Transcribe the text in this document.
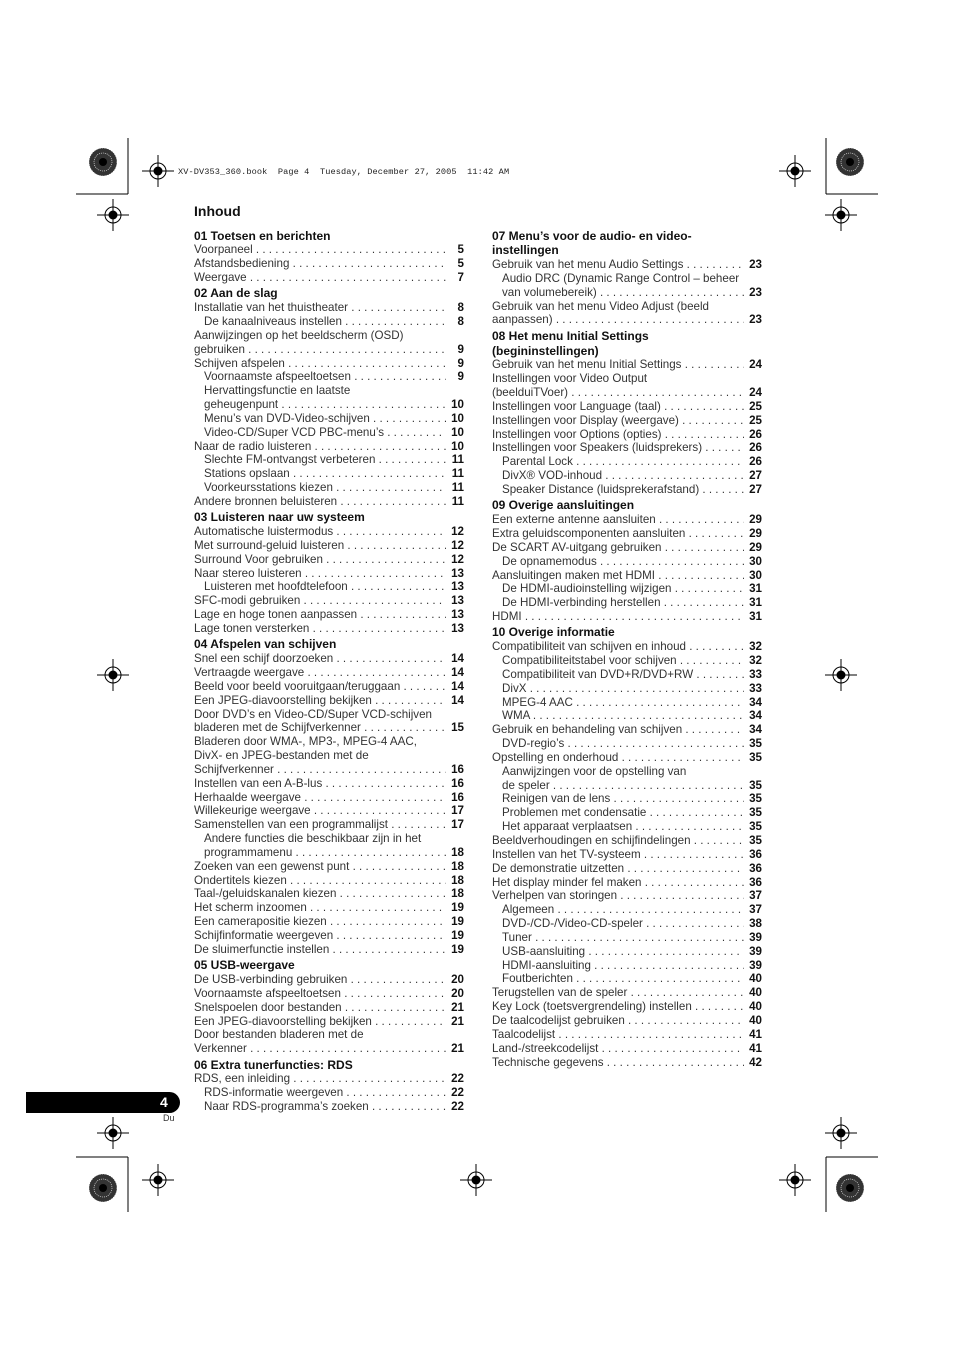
XV-DV353_360.book  Page 4  Tuesday, December 27, 2005  11:42 AM
Inhoud
01 Toetsen en berichten
Voorpaneel . . .	5
Afstandsbediening . . .	5
Weergave . . .	7
02 Aan de slag
Installatie van het thuistheater . . .	8
De kanaalniveaus instellen . . .	8
Aanwijzingen op het beeldscherm (OSD)
gebruiken . . .	9
Schijven afspelen . . .	9
Voornaamste afspeeltoetsen . . .	9
Hervattingsfunctie en laatste
geheugenpunt . . .	10
Menu’s van DVD-Video-schijven . . .	10
Video-CD/Super VCD PBC-menu’s . . .	10
Naar de radio luisteren . . .	10
Slechte FM-ontvangst verbeteren . . .	11
Stations opslaan . . .	11
Voorkeursstations kiezen . . .	11
Andere bronnen beluisteren . . .	11
03 Luisteren naar uw systeem
Automatische luistermodus . . .	12
Met surround-geluid luisteren . . .	12
Surround Voor gebruiken . . .	12
Naar stereo luisteren . . .	13
Luisteren met hoofdtelefoon . . .	13
SFC-modi gebruiken . . .	13
Lage en hoge tonen aanpassen . . .	13
Lage tonen versterken . . .	13
04 Afspelen van schijven
Snel een schijf doorzoeken . . .	14
Vertraagde weergave . . .	14
Beeld voor beeld vooruitgaan/teruggaan . . .	14
Een JPEG-diavoorstelling bekijken . . .	14
Door DVD’s en Video-CD/Super VCD-schijven
bladeren met de Schijfverkenner . . .	15
Bladeren door WMA-, MP3-, MPEG-4 AAC,
DivX- en JPEG-bestanden met de
Schijfverkenner . . .	16
Instellen van een A-B-lus . . .	16
Herhaalde weergave . . .	16
Willekeurige weergave . . .	17
Samenstellen van een programmalijst . . .	17
Andere functies die beschikbaar zijn in het
programmamenu . . .	18
Zoeken van een gewenst punt . . .	18
Ondertitels kiezen . . .	18
Taal-/geluidskanalen kiezen . . .	18
Het scherm inzoomen . . .	19
Een camerapositie kiezen . . .	19
Schijfinformatie weergeven . . .	19
De sluimerfunctie instellen . . .	19
05 USB-weergave
De USB-verbinding gebruiken . . .	20
Voornaamste afspeeltoetsen . . .	20
Snelspoelen door bestanden . . .	21
Een JPEG-diavoorstelling bekijken . . .	21
Door bestanden bladeren met de
Verkenner . . .	21
06 Extra tunerfuncties: RDS
RDS, een inleiding . . .	22
RDS-informatie weergeven . . .	22
Naar RDS-programma’s zoeken . . .	22
07 Menu’s voor de audio- en video-
instellingen
Gebruik van het menu Audio Settings . . .	23
Audio DRC (Dynamic Range Control – beheer
van volumebereik) . . .	23
Gebruik van het menu Video Adjust (beeld
aanpassen) . . .	23
08 Het menu Initial Settings
(begininstellingen)
Gebruik van het menu Initial Settings . . .	24
Instellingen voor Video Output
(beelduiTVoer) . . .	24
Instellingen voor Language (taal) . . .	25
Instellingen voor Display (weergave) . . .	25
Instellingen voor Options (opties) . . .	26
Instellingen voor Speakers (luidsprekers) . . .	26
Parental Lock . . .	26
DivX® VOD-inhoud . . .	27
Speaker Distance (luidsprekerafstand) . . .	27
09 Overige aansluitingen
Een externe antenne aansluiten . . .	29
Extra geluidscomponenten aansluiten . . .	29
De SCART AV-uitgang gebruiken . . .	29
De opnamemodus . . .	30
Aansluitingen maken met HDMI . . .	30
De HDMI-audioinstelling wijzigen . . .	31
De HDMI-verbinding herstellen . . .	31
HDMI . . .	31
10 Overige informatie
Compatibiliteit van schijven en inhoud . . .	32
Compatibiliteitstabel voor schijven . . .	32
Compatibiliteit van DVD+R/DVD+RW . . .	33
DivX . . .	33
MPEG-4 AAC . . .	34
WMA . . .	34
Gebruik en behandeling van schijven . . .	34
DVD-regio’s . . .	35
Opstelling en onderhoud . . .	35
Aanwijzingen voor de opstelling van
de speler . . .	35
Reinigen van de lens . . .	35
Problemen met condensatie . . .	35
Het apparaat verplaatsen . . .	35
Beeldverhoudingen en schijfindelingen . . .	35
Instellen van het TV-systeem . . .	36
De demonstratie uitzetten . . .	36
Het display minder fel maken . . .	36
Verhelpen van storingen . . .	37
Algemeen . . .	37
DVD-/CD-/Video-CD-speler . . .	38
Tuner . . .	39
USB-aansluiting . . .	39
HDMI-aansluiting . . .	39
Foutberichten . . .	40
Terugstellen van de speler . . .	40
Key Lock (toetsvergrendeling) instellen . . .	40
De taalcodelijst gebruiken . . .	40
Taalcodelijst . . .	41
Land-/streekcodelijst . . .	41
Technische gegevens . . .	42
4
Du
